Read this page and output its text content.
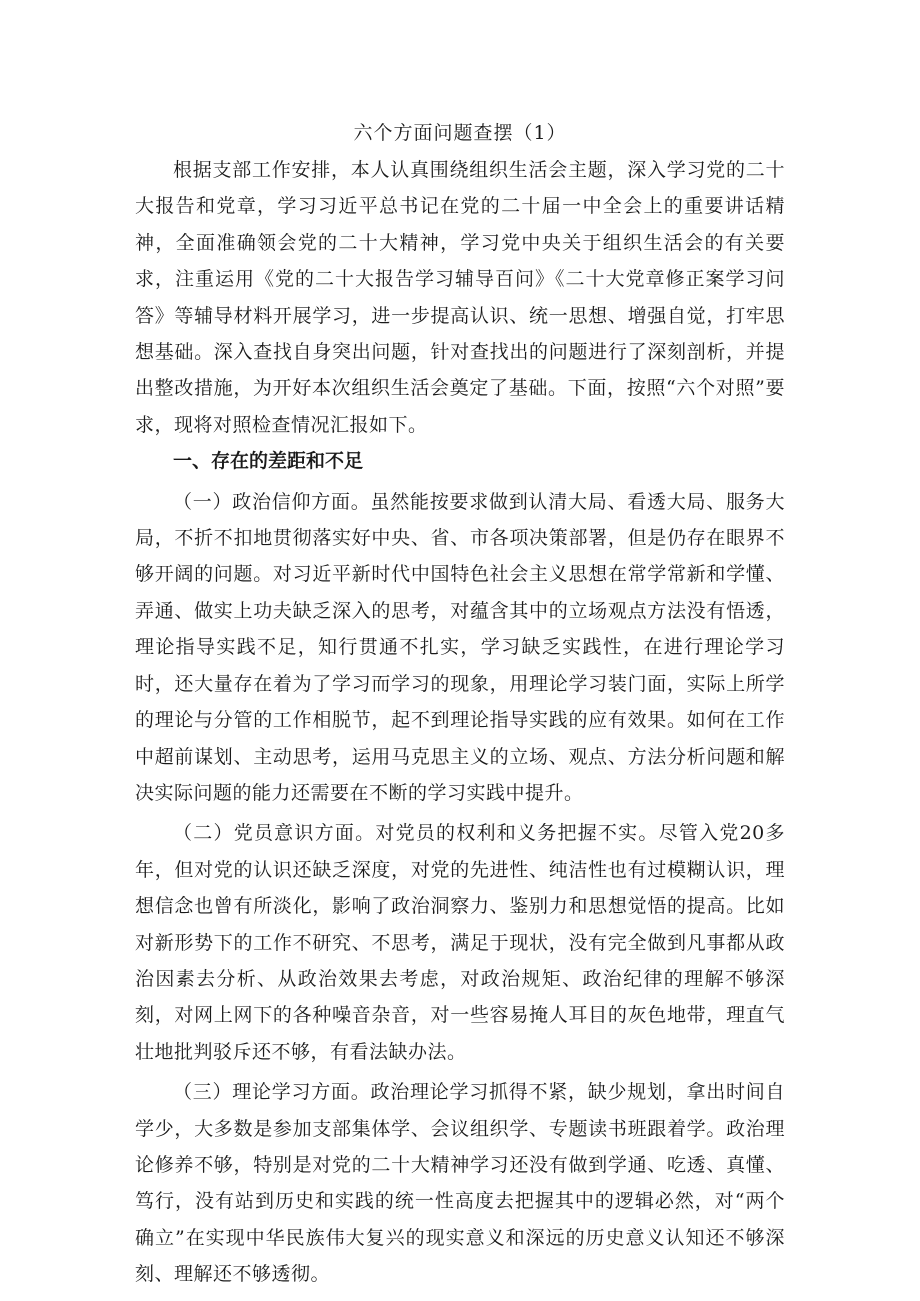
六个方面问题查摆（1）

根据支部工作安排，本人认真围绕组织生活会主题，深入学习党的二十大报告和党章，学习习近平总书记在党的二十届一中全会上的重要讲话精神，全面准确领会党的二十大精神，学习党中央关于组织生活会的有关要求，注重运用《党的二十大报告学习辅导百问》《二十大党章修正案学习问答》等辅导材料开展学习，进一步提高认识、统一思想、增强自觉，打牢思想基础。深入查找自身突出问题，针对查找出的问题进行了深刻剖析，并提出整改措施，为开好本次组织生活会奠定了基础。下面，按照“六个对照”要求，现将对照检查情况汇报如下。

一、存在的差距和不足

（一）政治信仰方面。虽然能按要求做到认清大局、看透大局、服务大局，不折不扣地贯彻落实好中央、省、市各项决策部署，但是仍存在眼界不够开阔的问题。对习近平新时代中国特色社会主义思想在常学常新和学懂、弄通、做实上功夫缺乏深入的思考，对蕴含其中的立场观点方法没有悟透，理论指导实践不足，知行贯通不扎实，学习缺乏实践性，在进行理论学习时，还大量存在着为了学习而学习的现象，用理论学习装门面，实际上所学的理论与分管的工作相脱节，起不到理论指导实践的应有效果。如何在工作中超前谋划、主动思考，运用马克思主义的立场、观点、方法分析问题和解决实际问题的能力还需要在不断的学习实践中提升。

（二）党员意识方面。对党员的权利和义务把握不实。尽管入党20多年，但对党的认识还缺乏深度，对党的先进性、纯洁性也有过模糊认识，理想信念也曾有所淡化，影响了政治洞察力、鉴别力和思想觉悟的提高。比如对新形势下的工作不研究、不思考，满足于现状，没有完全做到凡事都从政治因素去分析、从政治效果去考虑，对政治规矩、政治纪律的理解不够深刻，对网上网下的各种噪音杂音，对一些容易掩人耳目的灰色地带，理直气壮地批判驳斥还不够，有看法缺办法。

（三）理论学习方面。政治理论学习抓得不紧，缺少规划，拿出时间自学少，大多数是参加支部集体学、会议组织学、专题读书班跟着学。政治理论修养不够，特别是对党的二十大精神学习还没有做到学通、吃透、真懂、笃行，没有站到历史和实践的统一性高度去把握其中的逻辑必然，对“两个确立”在实现中华民族伟大复兴的现实意义和深远的历史意义认知还不够深刻、理解还不够透彻。
